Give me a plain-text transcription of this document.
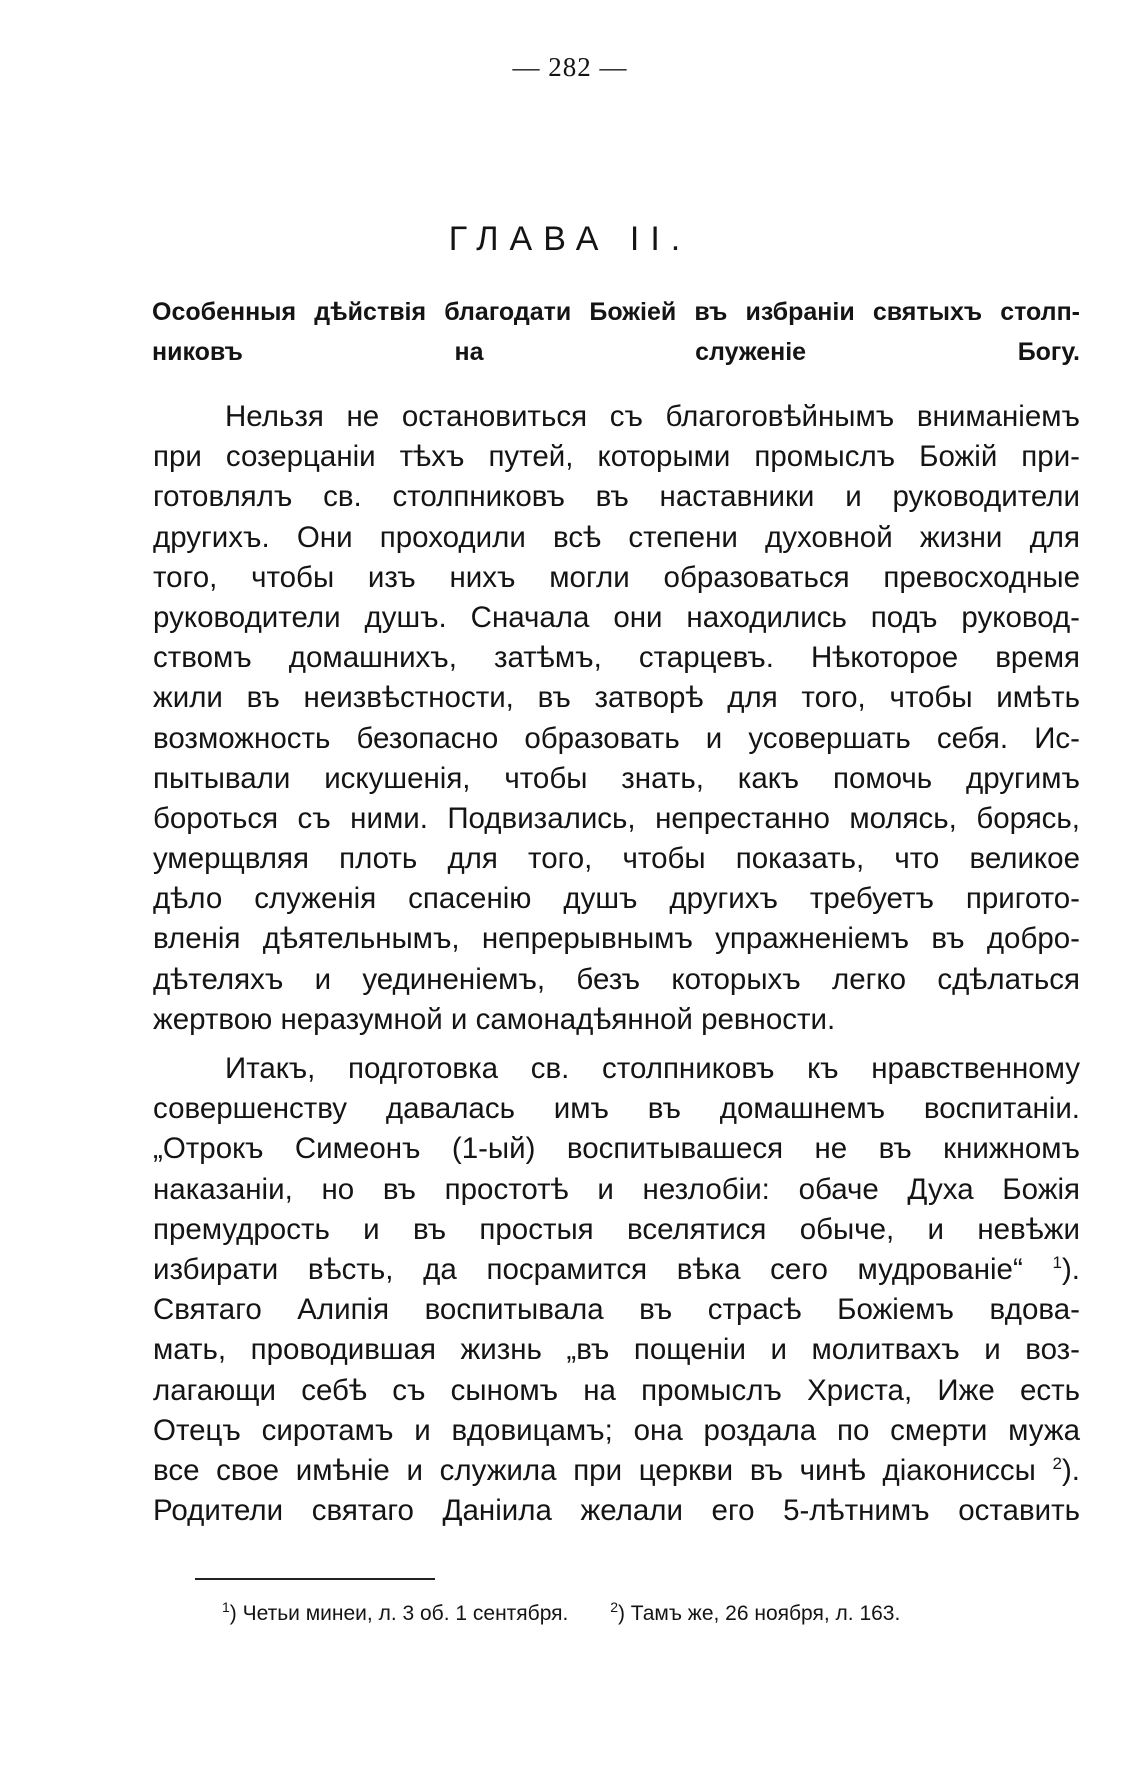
— 282 —
ГЛАВА II.
Особенныя дѣйствія благодати Божіей въ избраніи святыхъ столп-
никовъ на служеніе Богу.
Нельзя не остановиться съ благоговѣйнымъ вниманіемъ
при созерцаніи тѣхъ путей, которыми промыслъ Божій при-
готовлялъ св. столпниковъ въ наставники и руководители
другихъ. Они проходили всѣ степени духовной жизни для
того, чтобы изъ нихъ могли образоваться превосходные
руководители душъ. Сначала они находились подъ руковод-
ствомъ домашнихъ, затѣмъ, старцевъ. Нѣкоторое время
жили въ неизвѣстности, въ затворѣ для того, чтобы имѣть
возможность безопасно образовать и усовершать себя. Ис-
пытывали искушенія, чтобы знать, какъ помочь другимъ
бороться съ ними. Подвизались, непрестанно молясь, борясь,
умерщвляя плоть для того, чтобы показать, что великое
дѣло служенія спасенію душъ другихъ требуетъ пригото-
вленія дѣятельнымъ, непрерывнымъ упражненіемъ въ добро-
дѣтеляхъ и уединеніемъ, безъ которыхъ легко сдѣлаться
жертвою неразумной и самонадѣянной ревности.
Итакъ, подготовка св. столпниковъ къ нравственному
совершенству давалась имъ въ домашнемъ воспитаніи.
„Отрокъ Симеонъ (1-ый) воспитывашеся не въ книжномъ
наказаніи, но въ простотѣ и незлобіи: обаче Духа Божія
премудрость и въ простыя вселятися обыче, и невѣжи
избирати вѣсть, да посрамится вѣка сего мудрованіе“ $^1$).
Святаго Алипія воспитывала въ страсѣ Божіемъ вдова-
мать, проводившая жизнь „въ пощеніи и молитвахъ и воз-
лагающи себѣ съ сыномъ на промыслъ Христа, Иже есть
Отецъ сиротамъ и вдовицамъ; она роздала по смерти мужа
все свое имѣніе и служила при церкви въ чинѣ діакониссы $^2$).
Родители святаго Даніила желали его 5-лѣтнимъ оставить
$^1$) Четьи минеи, л. 3 об. 1 сентября.	$^2$) Тамъ же, 26 ноября, л. 163.
